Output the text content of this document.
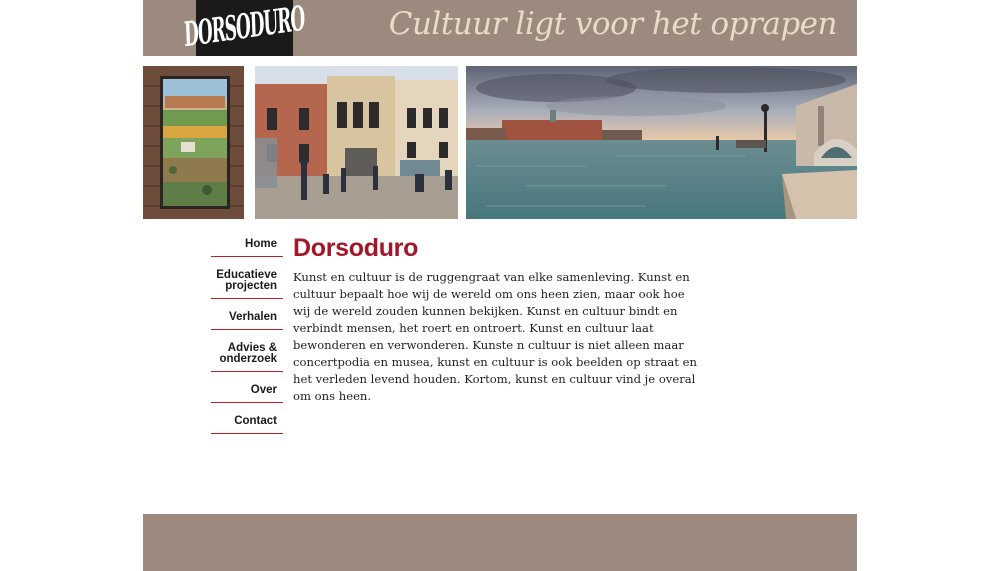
DORSODURO	Cultuur ligt voor het oprapen
Home
Educatieve projecten
Verhalen
Advies & onderzoek
Over
Contact
Dorsoduro

Kunst en cultuur is de ruggengraat van elke samenleving. Kunst en cultuur bepaalt hoe wij de wereld om ons heen zien, maar ook hoe wij de wereld zouden kunnen bekijken. Kunst en cultuur bindt en verbindt mensen, het roert en ontroert. Kunst en cultuur laat bewonderen en verwonderen. Kunste n cultuur is niet alleen maar concertpodia en musea, kunst en cultuur is ook beelden op straat en het verleden levend houden. Kortom, kunst en cultuur vind je overal om ons heen.
